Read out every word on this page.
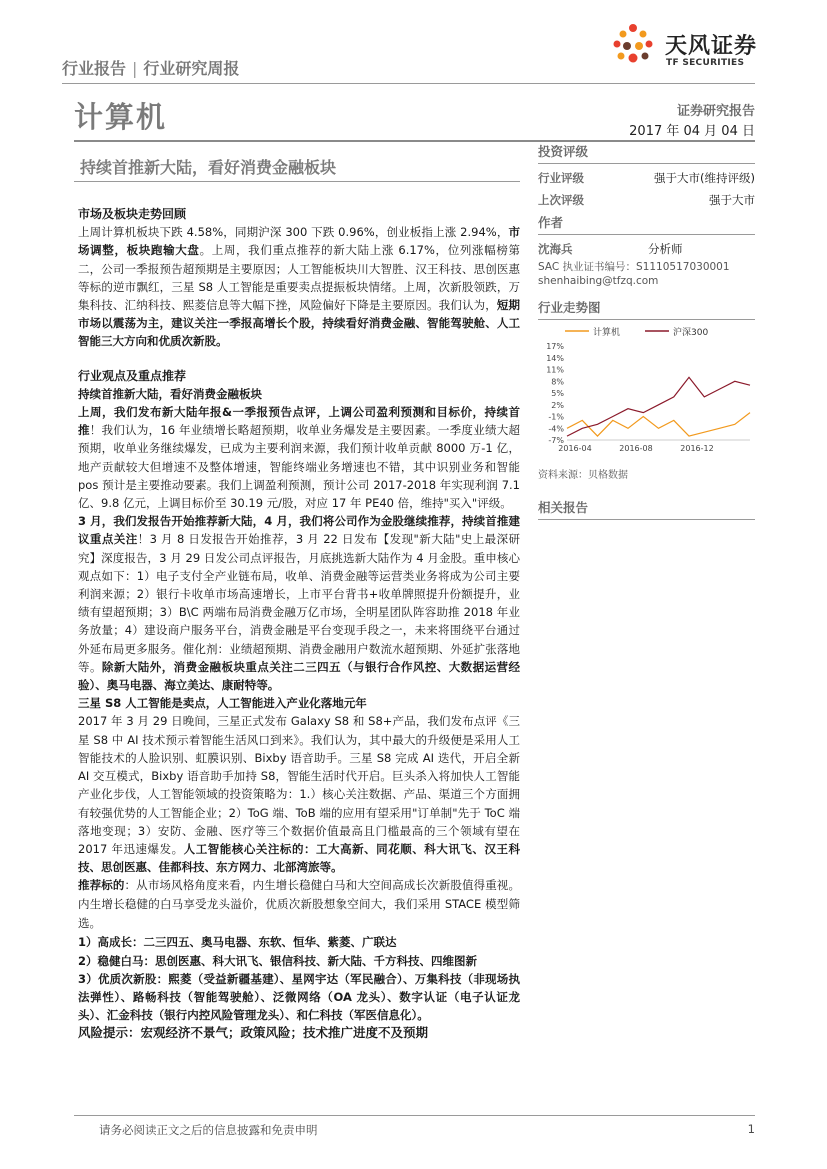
天风证券
TF SECURITIES
行业报告 | 行业研究周报
计算机	证券研究报告
2017 年 04 月 04 日
持续首推新大陆，看好消费金融板块
投资评级
行业评级	强于大市(维持评级)
上次评级	强于大市
作者
沈海兵	分析师
SAC 执业证书编号：S1110517030001
shenhaibing@tfzq.com
行业走势图
计算机	沪深300
17%
14%
11%
8%
5%
2%
-1%
-4%
-7%
2016-04	2016-08	2016-12
资料来源：贝格数据
相关报告
市场及板块走势回顾

上周计算机板块下跌 4.58%，同期沪深 300 下跌 0.96%，创业板指上涨 2.94%，市场调整，板块跑输大盘。上周，我们重点推荐的新大陆上涨 6.17%，位列涨幅榜第二，公司一季报预告超预期是主要原因；人工智能板块川大智胜、汉王科技、思创医惠等标的逆市飘红，三星 S8 人工智能是重要卖点提振板块情绪。上周，次新股领跌，万集科技、汇纳科技、熙菱信息等大幅下挫，风险偏好下降是主要原因。我们认为，短期市场以震荡为主，建议关注一季报高增长个股，持续看好消费金融、智能驾驶舱、人工智能三大方向和优质次新股。

行业观点及重点推荐
持续首推新大陆，看好消费金融板块

上周，我们发布新大陆年报&一季报预告点评，上调公司盈利预测和目标价，持续首推！我们认为，16 年业绩增长略超预期，收单业务爆发是主要因素。一季度业绩大超预期，收单业务继续爆发，已成为主要利润来源，我们预计收单贡献 8000 万-1 亿，地产贡献较大但增速不及整体增速，智能终端业务增速也不错，其中识别业务和智能 pos 预计是主要推动要素。我们上调盈利预测，预计公司 2017-2018 年实现利润 7.1 亿、9.8 亿元，上调目标价至 30.19 元/股，对应 17 年 PE40 倍，维持"买入"评级。

3 月，我们发报告开始推荐新大陆，4 月，我们将公司作为金股继续推荐，持续首推建议重点关注！3 月 8 日发报告开始推荐，3 月 22 日发布【发现"新大陆"史上最深研究】深度报告，3 月 29 日发公司点评报告，月底挑选新大陆作为 4 月金股。重申核心观点如下：1）电子支付全产业链布局，收单、消费金融等运营类业务将成为公司主要利润来源；2）银行卡收单市场高速增长，上市平台背书+收单牌照提升份额提升，业绩有望超预期；3）B\C 两端布局消费金融万亿市场，全明星团队阵容助推 2018 年业务放量；4）建设商户服务平台，消费金融是平台变现手段之一，未来将围绕平台通过外延布局更多服务。催化剂：业绩超预期、消费金融用户数流水超预期、外延扩张落地等。除新大陆外，消费金融板块重点关注二三四五（与银行合作风控、大数据运营经验）、奥马电器、海立美达、康耐特等。

三星 S8 人工智能是卖点，人工智能进入产业化落地元年

2017 年 3 月 29 日晚间，三星正式发布 Galaxy S8 和 S8+产品，我们发布点评《三星 S8 中 AI 技术预示着智能生活风口到来》。我们认为，其中最大的升级便是采用人工智能技术的人脸识别、虹膜识别、Bixby 语音助手。三星 S8 完成 AI 迭代，开启全新 AI 交互模式，Bixby 语音助手加持 S8，智能生活时代开启。巨头杀入将加快人工智能产业化步伐，人工智能领域的投资策略为：1.）核心关注数据、产品、渠道三个方面拥有较强优势的人工智能企业；2）ToG 端、ToB 端的应用有望采用"订单制"先于 ToC 端落地变现；3）安防、金融、医疗等三个数据价值最高且门槛最高的三个领域有望在 2017 年迅速爆发。人工智能核心关注标的：工大高新、同花顺、科大讯飞、汉王科技、思创医惠、佳都科技、东方网力、北部湾旅等。

推荐标的：从市场风格角度来看，内生增长稳健白马和大空间高成长次新股值得重视。内生增长稳健的白马享受龙头溢价，优质次新股想象空间大，我们采用 STACE 模型筛选。

1）高成长：二三四五、奥马电器、东软、恒华、紫菱、广联达

2）稳健白马：思创医惠、科大讯飞、银信科技、新大陆、千方科技、四维图新

3）优质次新股：熙菱（受益新疆基建）、星网宇达（军民融合）、万集科技（非现场执法弹性）、路畅科技（智能驾驶舱）、泛微网络（OA 龙头）、数字认证（电子认证龙头）、汇金科技（银行内控风险管理龙头）、和仁科技（军医信息化）。

风险提示：宏观经济不景气；政策风险；技术推广进度不及预期

请务必阅读正文之后的信息披露和免责申明	1
